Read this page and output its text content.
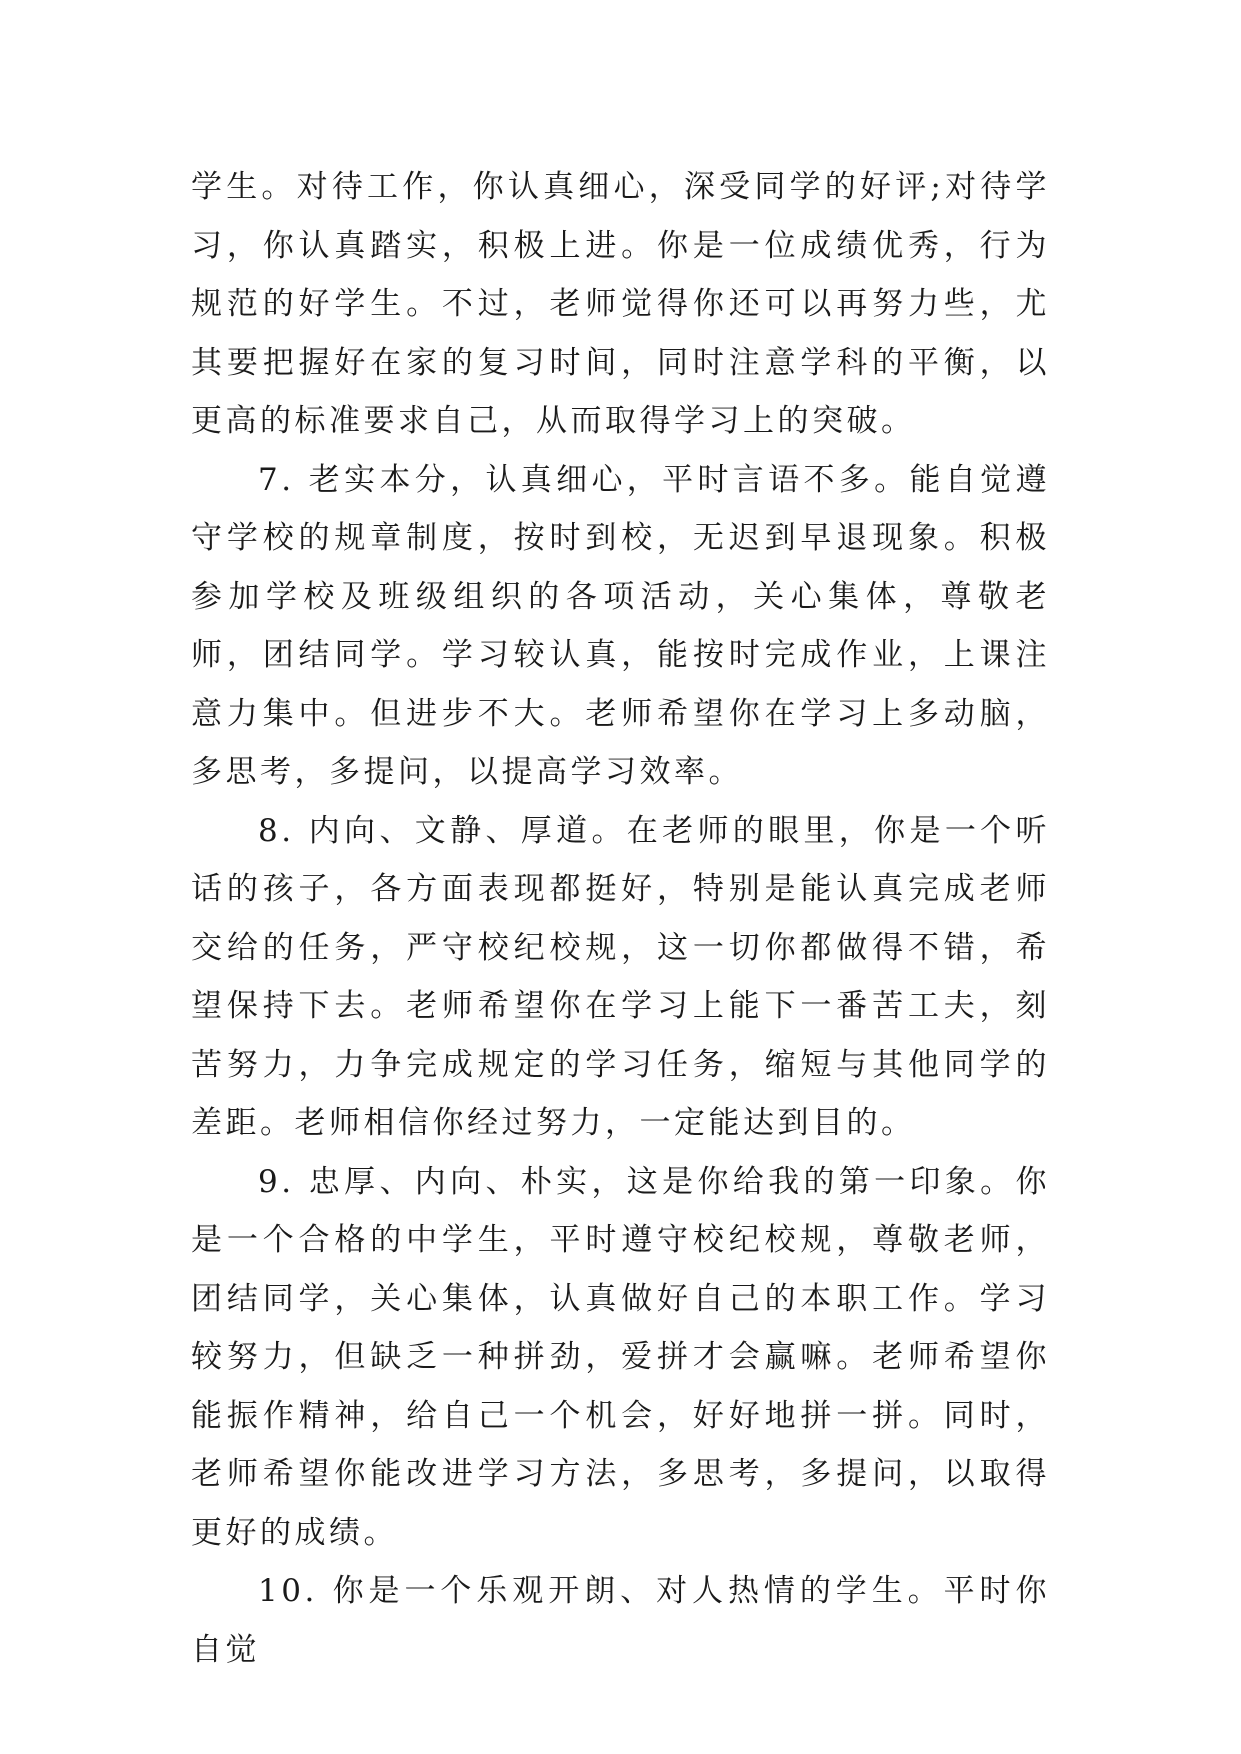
学生。对待工作，你认真细心，深受同学的好评;对待学习，你认真踏实，积极上进。你是一位成绩优秀，行为规范的好学生。不过，老师觉得你还可以再努力些，尤其要把握好在家的复习时间，同时注意学科的平衡，以更高的标准要求自己，从而取得学习上的突破。

7. 老实本分，认真细心，平时言语不多。能自觉遵守学校的规章制度，按时到校，无迟到早退现象。积极参加学校及班级组织的各项活动，关心集体，尊敬老师，团结同学。学习较认真，能按时完成作业，上课注意力集中。但进步不大。老师希望你在学习上多动脑，多思考，多提问，以提高学习效率。

8. 内向、文静、厚道。在老师的眼里，你是一个听话的孩子，各方面表现都挺好，特别是能认真完成老师交给的任务，严守校纪校规，这一切你都做得不错，希望保持下去。老师希望你在学习上能下一番苦工夫，刻苦努力，力争完成规定的学习任务，缩短与其他同学的差距。老师相信你经过努力，一定能达到目的。

9. 忠厚、内向、朴实，这是你给我的第一印象。你是一个合格的中学生，平时遵守校纪校规，尊敬老师，团结同学，关心集体，认真做好自己的本职工作。学习较努力，但缺乏一种拼劲，爱拼才会赢嘛。老师希望你能振作精神，给自己一个机会，好好地拼一拼。同时，老师希望你能改进学习方法，多思考，多提问，以取得更好的成绩。

10. 你是一个乐观开朗、对人热情的学生。平时你自觉
